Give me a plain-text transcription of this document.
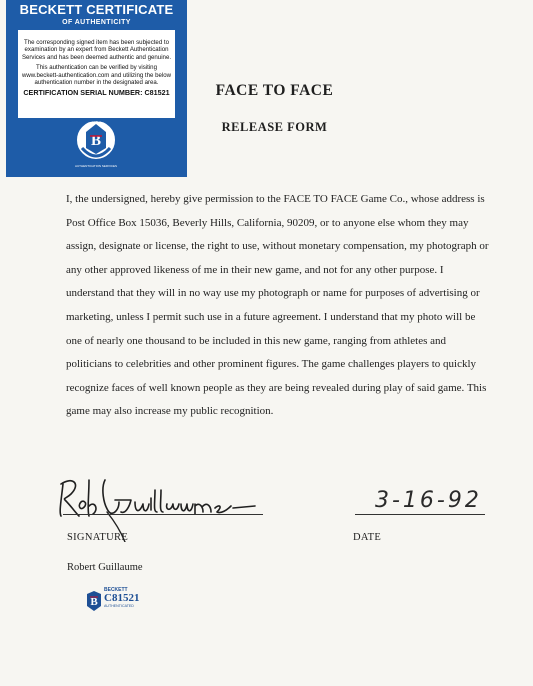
BECKETT CERTIFICATE
OF AUTHENTICITY

The corresponding signed item has been subjected to examination by an expert from Beckett Authentication Services and has been deemed authentic and genuine.

This authentication can be verified by visiting www.beckett-authentication.com and utilizing the below authentication number in the designated area.

CERTIFICATION SERIAL NUMBER: C81521

B
BECKETT
AUTHENTICATION SERVICES
FACE TO FACE
RELEASE FORM

I, the undersigned, hereby give permission to the FACE TO FACE Game Co., whose address is Post Office Box 15036, Beverly Hills, California, 90209, or to anyone else whom they may assign, designate or license, the right to use, without monetary compensation, my photograph or any other approved likeness of me in their new game, and not for any other purpose. I understand that they will in no way use my photograph or name for purposes of advertising or marketing, unless I permit such use in a future agreement. I understand that my photo will be one of nearly one thousand to be included in this new game, ranging from athletes and politicians to celebrities and other prominent figures. The game challenges players to quickly recognize faces of well known people as they are being revealed during play of said game. This game may also increase my public recognition.

3-16-92
SIGNATURE	DATE
Robert Guillaume
B
BECKETT
C81521
AUTHENTICATED
